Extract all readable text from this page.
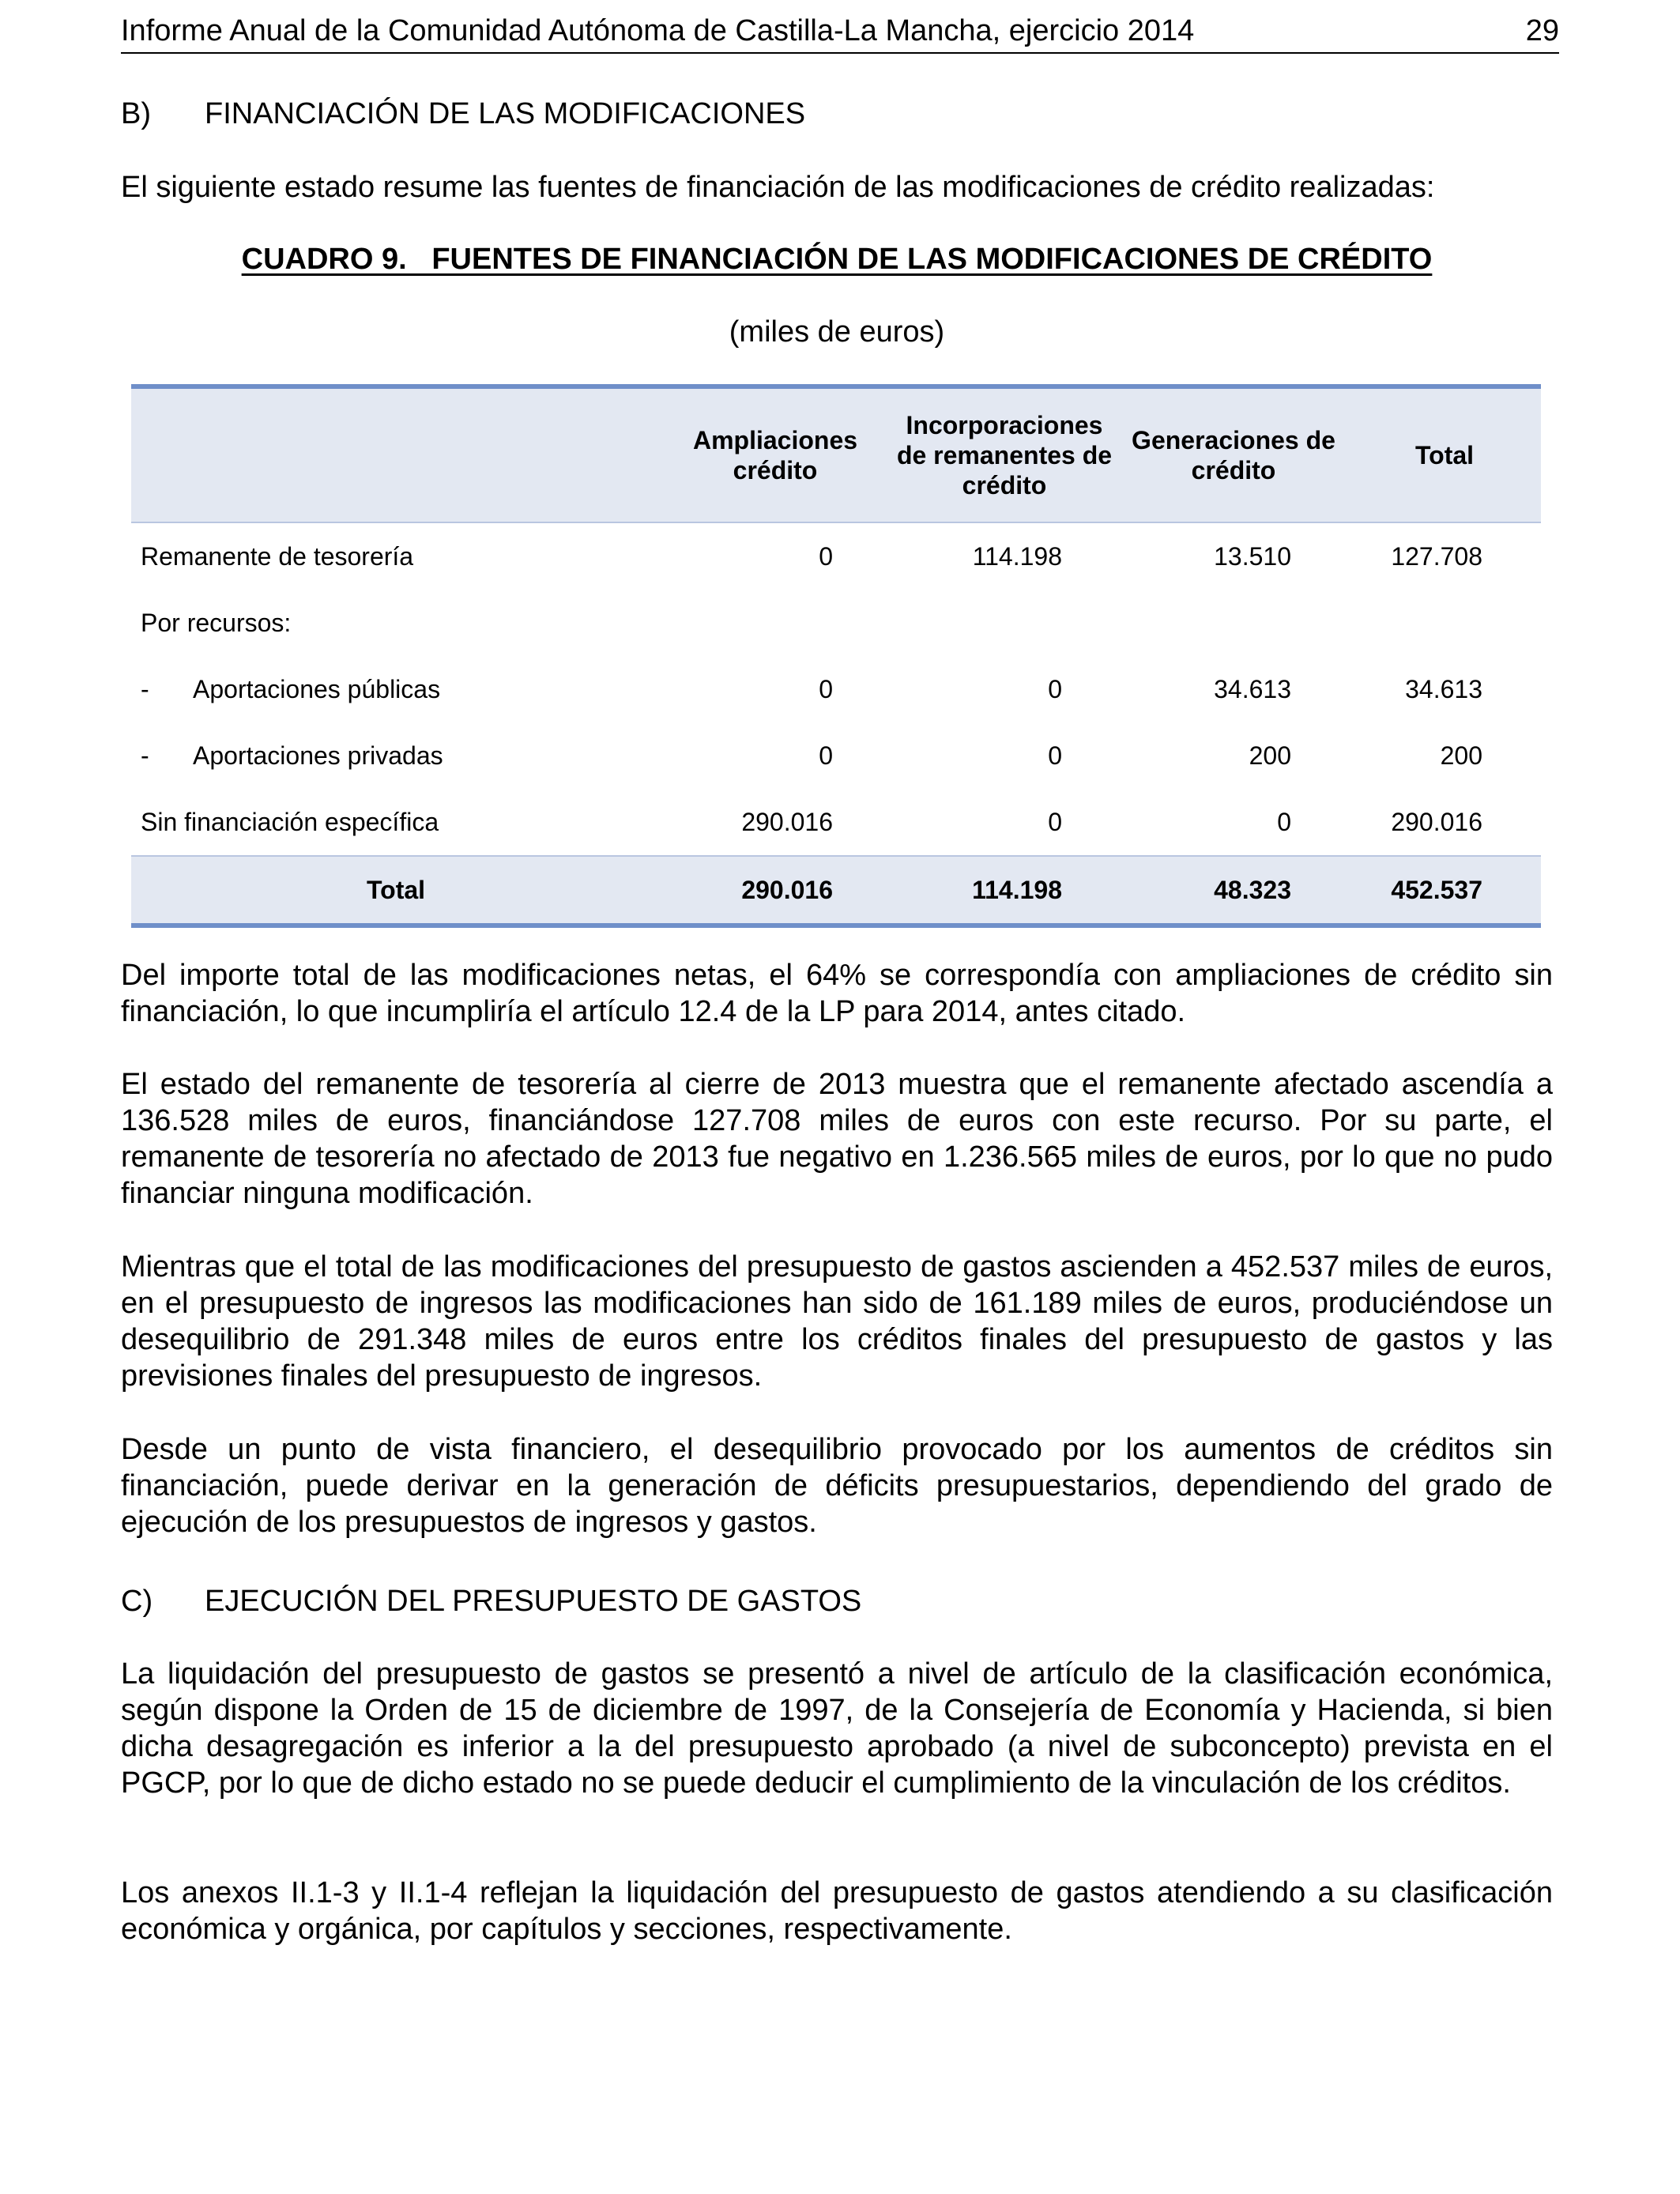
Informe Anual de la Comunidad Autónoma de Castilla-La Mancha, ejercicio 2014	29
B) FINANCIACIÓN DE LAS MODIFICACIONES

El siguiente estado resume las fuentes de financiación de las modificaciones de crédito realizadas:

CUADRO 9.   FUENTES DE FINANCIACIÓN DE LAS MODIFICACIONES DE CRÉDITO
(miles de euros)
	Ampliaciones crédito	Incorporaciones de remanentes de crédito	Generaciones de crédito	Total
Remanente de tesorería	0	114.198	13.510	127.708
Por recursos:				
- Aportaciones públicas	0	0	34.613	34.613
- Aportaciones privadas	0	0	200	200
Sin financiación específica	290.016	0	0	290.016
Total	290.016	114.198	48.323	452.537

Del importe total de las modificaciones netas, el 64% se correspondía con ampliaciones de crédito sin financiación, lo que incumpliría el artículo 12.4 de la LP para 2014, antes citado.

El estado del remanente de tesorería al cierre de 2013 muestra que el remanente afectado ascendía a 136.528 miles de euros, financiándose 127.708 miles de euros con este recurso. Por su parte, el remanente de tesorería no afectado de 2013 fue negativo en 1.236.565 miles de euros, por lo que no pudo financiar ninguna modificación.

Mientras que el total de las modificaciones del presupuesto de gastos ascienden a 452.537 miles de euros, en el presupuesto de ingresos las modificaciones han sido de 161.189 miles de euros, produciéndose un desequilibrio de 291.348 miles de euros entre los créditos finales del presupuesto de gastos y las previsiones finales del presupuesto de ingresos.

Desde un punto de vista financiero, el desequilibrio provocado por los aumentos de créditos sin financiación, puede derivar en la generación de déficits presupuestarios, dependiendo del grado de ejecución de los presupuestos de ingresos y gastos.

C) EJECUCIÓN DEL PRESUPUESTO DE GASTOS

La liquidación del presupuesto de gastos se presentó a nivel de artículo de la clasificación económica, según dispone la Orden de 15 de diciembre de 1997, de la Consejería de Economía y Hacienda, si bien dicha desagregación es inferior a la del presupuesto aprobado (a nivel de subconcepto) prevista en el PGCP, por lo que de dicho estado no se puede deducir el cumplimiento de la vinculación de los créditos.

Los anexos II.1-3 y II.1-4 reflejan la liquidación del presupuesto de gastos atendiendo a su clasificación económica y orgánica, por capítulos y secciones, respectivamente.
